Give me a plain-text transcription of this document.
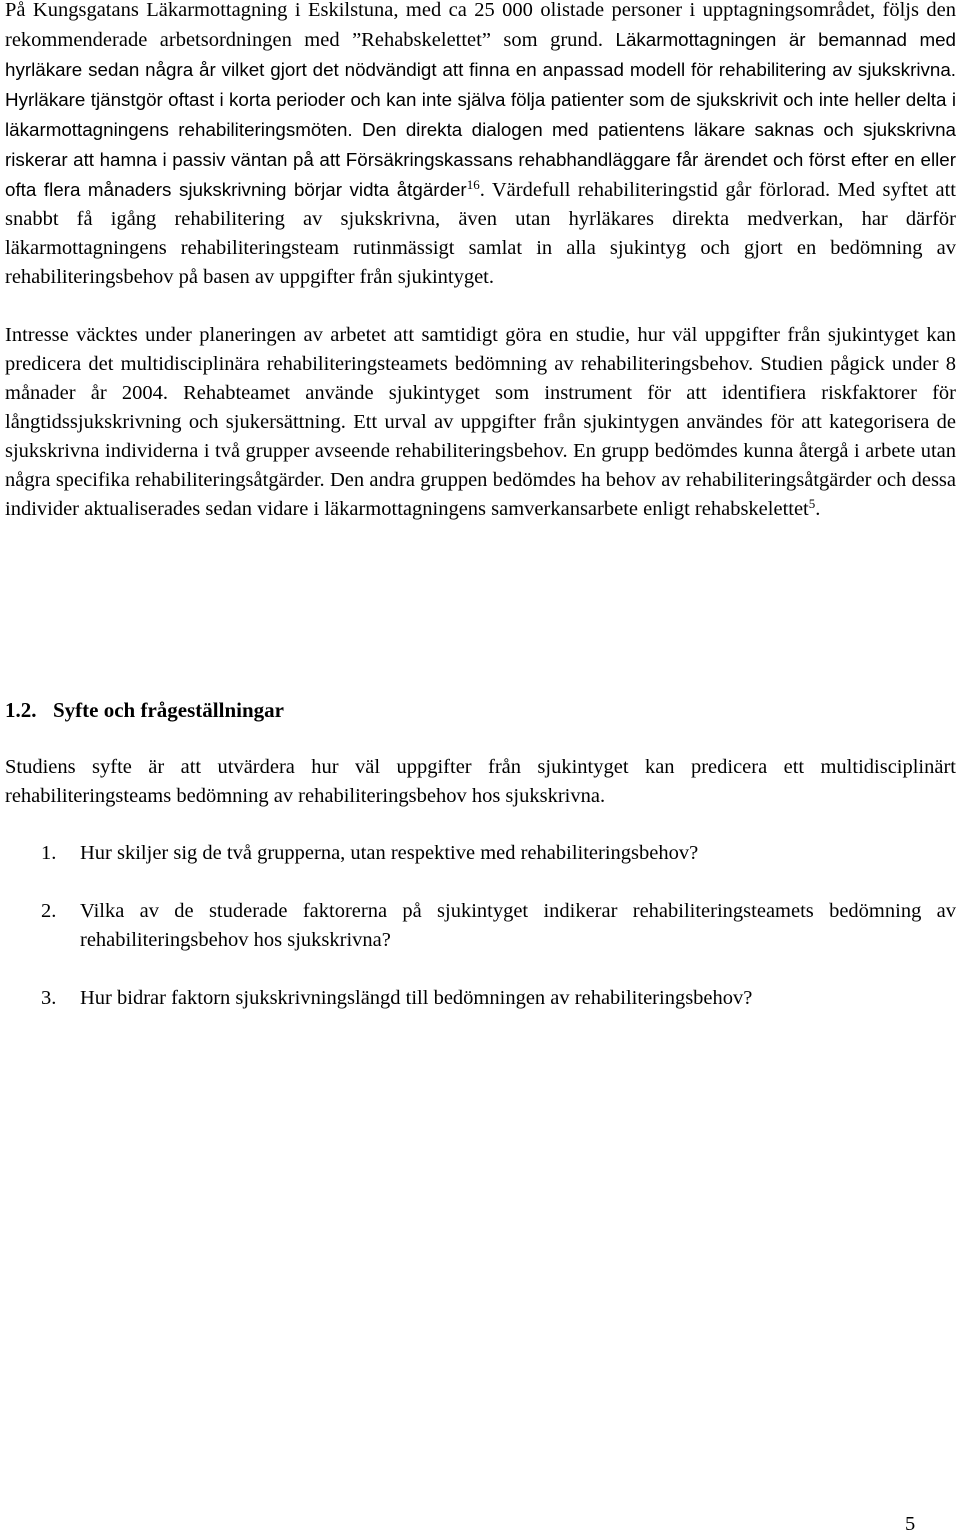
På Kungsgatans Läkarmottagning i Eskilstuna, med ca 25 000 olistade personer i upptagningsområdet, följs den rekommenderade arbetsordningen med ”Rehabskelettet” som grund. Läkarmottagningen är bemannad med hyrläkare sedan några år vilket gjort det nödvändigt att finna en anpassad modell för rehabilitering av sjukskrivna. Hyrläkare tjänstgör oftast i korta perioder och kan inte själva följa patienter som de sjukskrivit och inte heller delta i läkarmottagningens rehabiliteringsmöten. Den direkta dialogen med patientens läkare saknas och sjukskrivna riskerar att hamna i passiv väntan på att Försäkringskassans rehabhandläggare får ärendet och först efter en eller ofta flera månaders sjukskrivning börjar vidta åtgärder$^{16}$. Värdefull rehabiliteringstid går förlorad. Med syftet att snabbt få igång rehabilitering av sjukskrivna, även utan hyrläkares direkta medverkan, har därför läkarmottagningens rehabiliteringsteam rutinmässigt samlat in alla sjukintyg och gjort en bedömning av rehabiliteringsbehov på basen av uppgifter från sjukintyget.

Intresse väcktes under planeringen av arbetet att samtidigt göra en studie, hur väl uppgifter från sjukintyget kan predicera det multidisciplinära rehabiliteringsteamets bedömning av rehabiliteringsbehov. Studien pågick under 8 månader år 2004. Rehabteamet använde sjukintyget som instrument för att identifiera riskfaktorer för långtidssjukskrivning och sjukersättning. Ett urval av uppgifter från sjukintygen användes för att kategorisera de sjukskrivna individerna i två grupper avseende rehabiliteringsbehov. En grupp bedömdes kunna återgå i arbete utan några specifika rehabiliteringsåtgärder. Den andra gruppen bedömdes ha behov av rehabiliteringsåtgärder och dessa individer aktualiserades sedan vidare i läkarmottagningens samverkansarbete enligt rehabskelettet$^5$.

1.2. Syfte och frågeställningar

Studiens syfte är att utvärdera hur väl uppgifter från sjukintyget kan predicera ett multidisciplinärt rehabiliteringsteams bedömning av rehabiliteringsbehov hos sjukskrivna.

1. Hur skiljer sig de två grupperna, utan respektive med rehabiliteringsbehov?
2. Vilka av de studerade faktorerna på sjukintyget indikerar rehabiliteringsteamets bedömning av rehabiliteringsbehov hos sjukskrivna?
3. Hur bidrar faktorn sjukskrivningslängd till bedömningen av rehabiliteringsbehov?
5
